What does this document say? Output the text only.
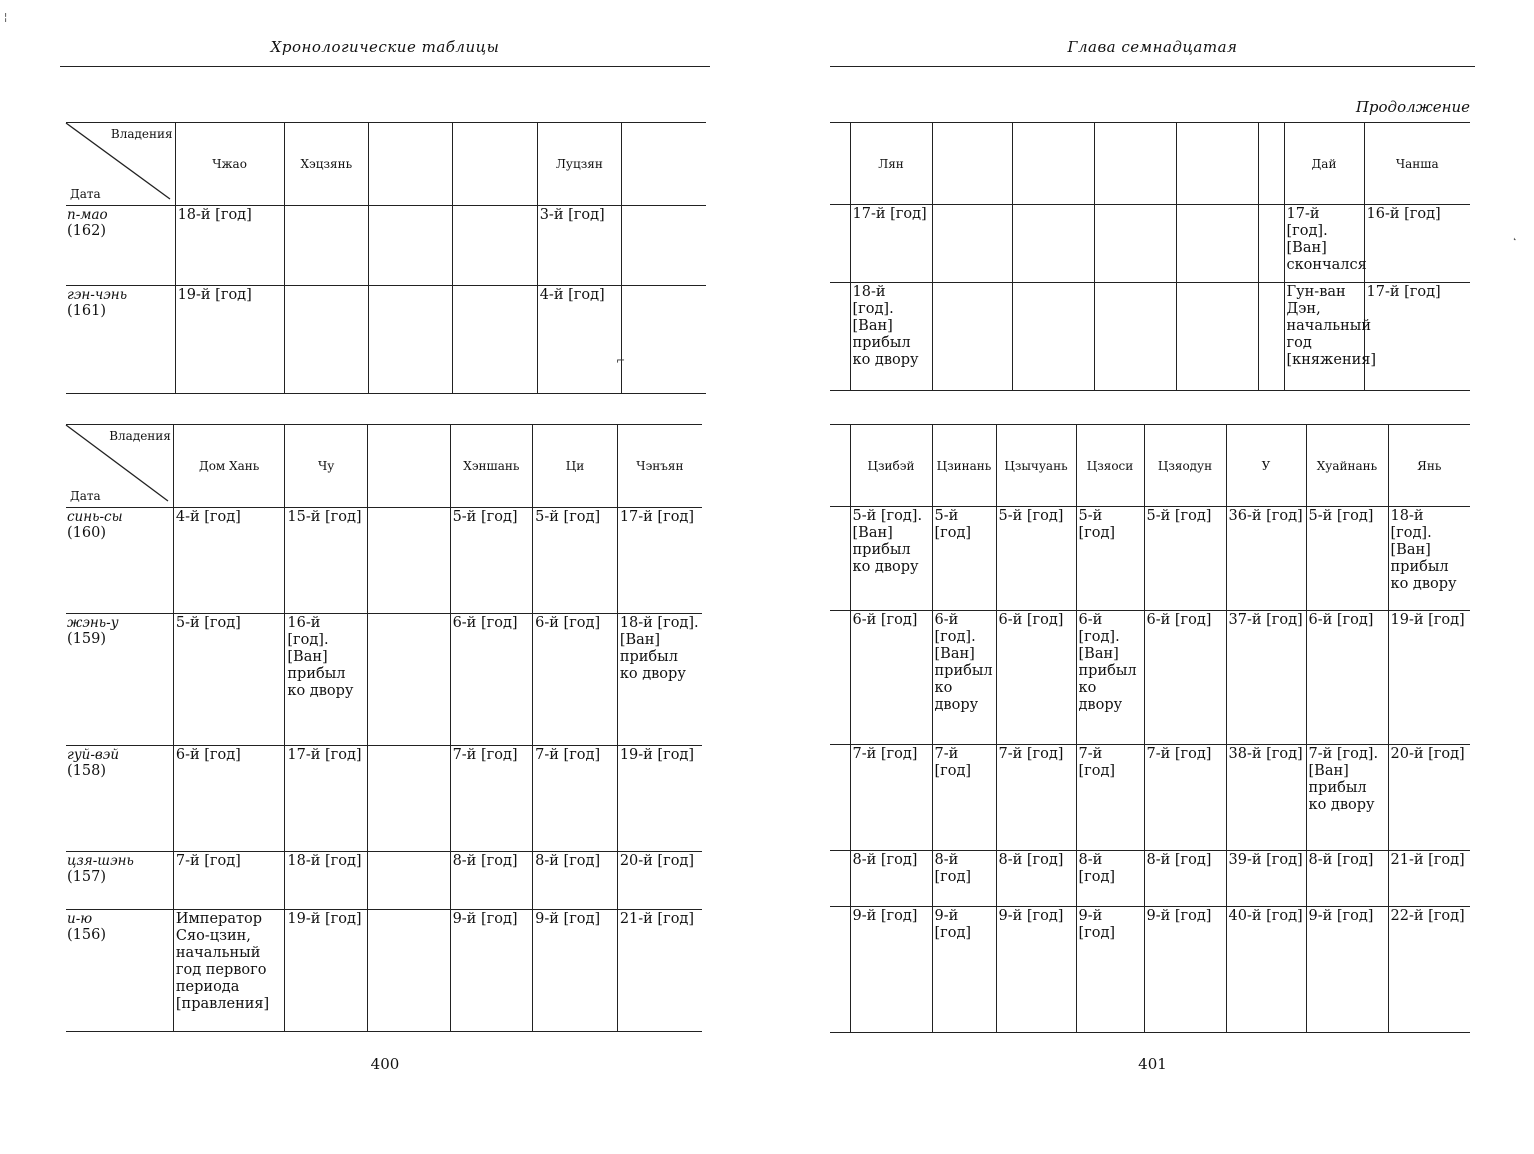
Хронологические таблицы
Владения
Дата	Чжао	Хэцзянь			Луцзян	

п-мао
(162)	18-й [год]				3-й [год]	

гэн-чэнь
(161)	19-й [год]				4-й [год]	
Владения
Дата	Дом Хань	Чу		Хэншань	Ци	Чэнъян

синь-сы
(160)	4-й [год]	15-й [год]		5-й [год]	5-й [год]	17-й [год]

жэнь-у
(159)	5-й [год]	16-й [год]. [Ван] прибыл ко двору		6-й [год]	6-й [год]	18-й [год]. [Ван] прибыл ко двору

гуй-вэй
(158)	6-й [год]	17-й [год]		7-й [год]	7-й [год]	19-й [год]

цзя-шэнь
(157)	7-й [год]	18-й [год]		8-й [год]	8-й [год]	20-й [год]

и-ю
(156)	Император Сяо-цзин, начальный год первого периода [правления]	19-й [год]		9-й [год]	9-й [год]	21-й [год]
400
⌐
Глава семнадцатая
Продолжение
	Лян						Дай	Чанша
	17-й [год]						17-й [год]. [Ван] скончался	16-й [год]
	18-й [год]. [Ван] прибыл ко двору						Гун-ван Дэн, начальный год [княжения]	17-й [год]
	Цзибэй	Цзинань	Цзычуань	Цзяоси	Цзяодун	У	Хуайнань	Янь
	5-й [год]. [Ван] прибыл ко двору	5-й [год]	5-й [год]	5-й [год]	5-й [год]	36-й [год]	5-й [год]	18-й [год]. [Ван] прибыл ко двору
	6-й [год]	6-й [год]. [Ван] прибыл ко двору	6-й [год]	6-й [год]. [Ван] прибыл ко двору	6-й [год]	37-й [год]	6-й [год]	19-й [год]
	7-й [год]	7-й [год]	7-й [год]	7-й [год]	7-й [год]	38-й [год]	7-й [год]. [Ван] прибыл ко двору	20-й [год]
	8-й [год]	8-й [год]	8-й [год]	8-й [год]	8-й [год]	39-й [год]	8-й [год]	21-й [год]
	9-й [год]	9-й [год]	9-й [год]	9-й [год]	9-й [год]	40-й [год]	9-й [год]	22-й [год]
401
¦
˛
